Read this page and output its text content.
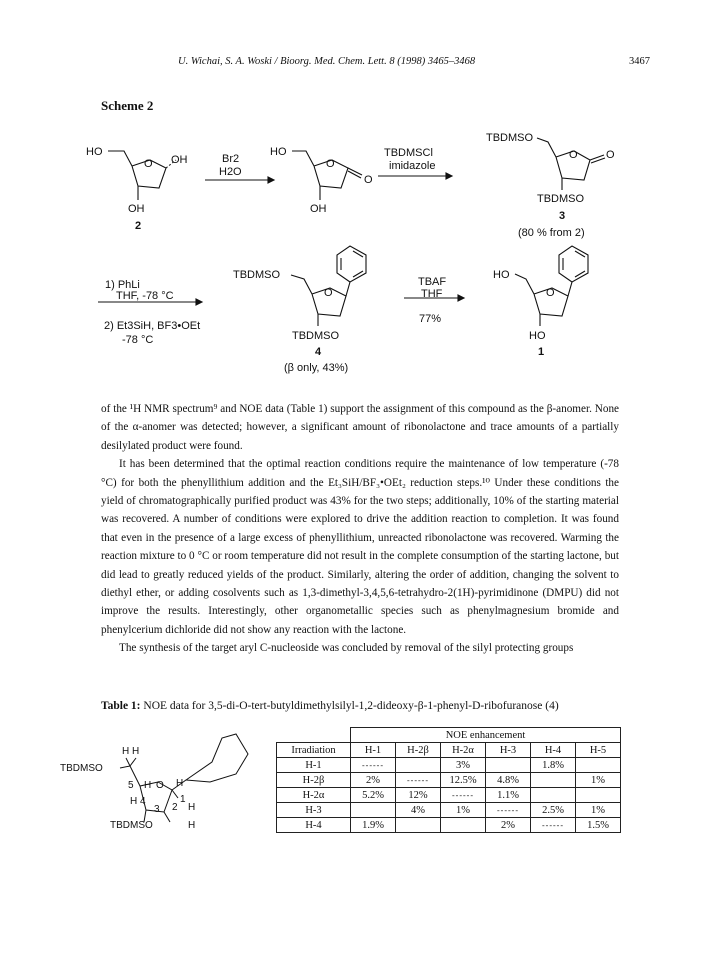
U. Wichai, S. A. Woski / Bioorg. Med. Chem. Lett. 8 (1998) 3465–3468	3467
Scheme 2
HO
O OH
OH
2
Br2
H2O
HO
O
O
OH
TBDMSCl
imidazole
TBDMSO
O	O
TBDMSO
3
(80 % from 2)
1) PhLi
THF, -78 °C
2) Et3SiH, BF3•OEt
-78 °C
TBDMSO
O
TBDMSO
4
(β only, 43%)
TBAF
THF
77%
HO
O
HO
1

of the ¹H NMR spectrum⁹ and NOE data (Table 1) support the assignment of this compound as the β-anomer. None of the α-anomer was detected; however, a significant amount of ribonolactone and trace amounts of a partially desilylated product were found.

It has been determined that the optimal reaction conditions require the maintenance of low temperature (-78 °C) for both the phenyllithium addition and the Et₃SiH/BF₃•OEt₂ reduction steps.¹⁰ Under these conditions the yield of chromatographically purified product was 43% for the two steps; additionally, 10% of the starting material was recovered. A number of conditions were explored to drive the addition reaction to completion. It was found that even in the presence of a large excess of phenyllithium, unreacted ribonolactone was recovered. Warming the reaction mixture to 0 °C or room temperature did not result in the complete consumption of the starting lactone, but did lead to greatly reduced yields of the product. Similarly, altering the order of addition, changing the solvent to diethyl ether, or adding cosolvents such as 1,3-dimethyl-3,4,5,6-tetrahydro-2(1H)-pyrimidinone (DMPU) did not improve the results. Interestingly, other organometallic species such as phenylmagnesium bromide and phenylcerium dichloride did not show any reaction with the lactone.

The synthesis of the target aryl C-nucleoside was concluded by removal of the silyl protecting groups

Table 1: NOE data for 3,5-di-O-tert-butyldimethylsilyl-1,2-dideoxy-β-1-phenyl-D-ribofuranose (4)
TBDMSO
H H
5 H O H
H 4
3 2
1
H
TBDMSO	H
	NOE enhancement					
Irradiation	H-1	H-2β	H-2α	H-3	H-4	H-5
H-1	------		3%		1.8%	
H-2β	2%	------	12.5%	4.8%		1%
H-2α	5.2%	12%	------	1.1%		
H-3		4%	1%	------	2.5%	1%
H-4	1.9%			2%	------	1.5%
